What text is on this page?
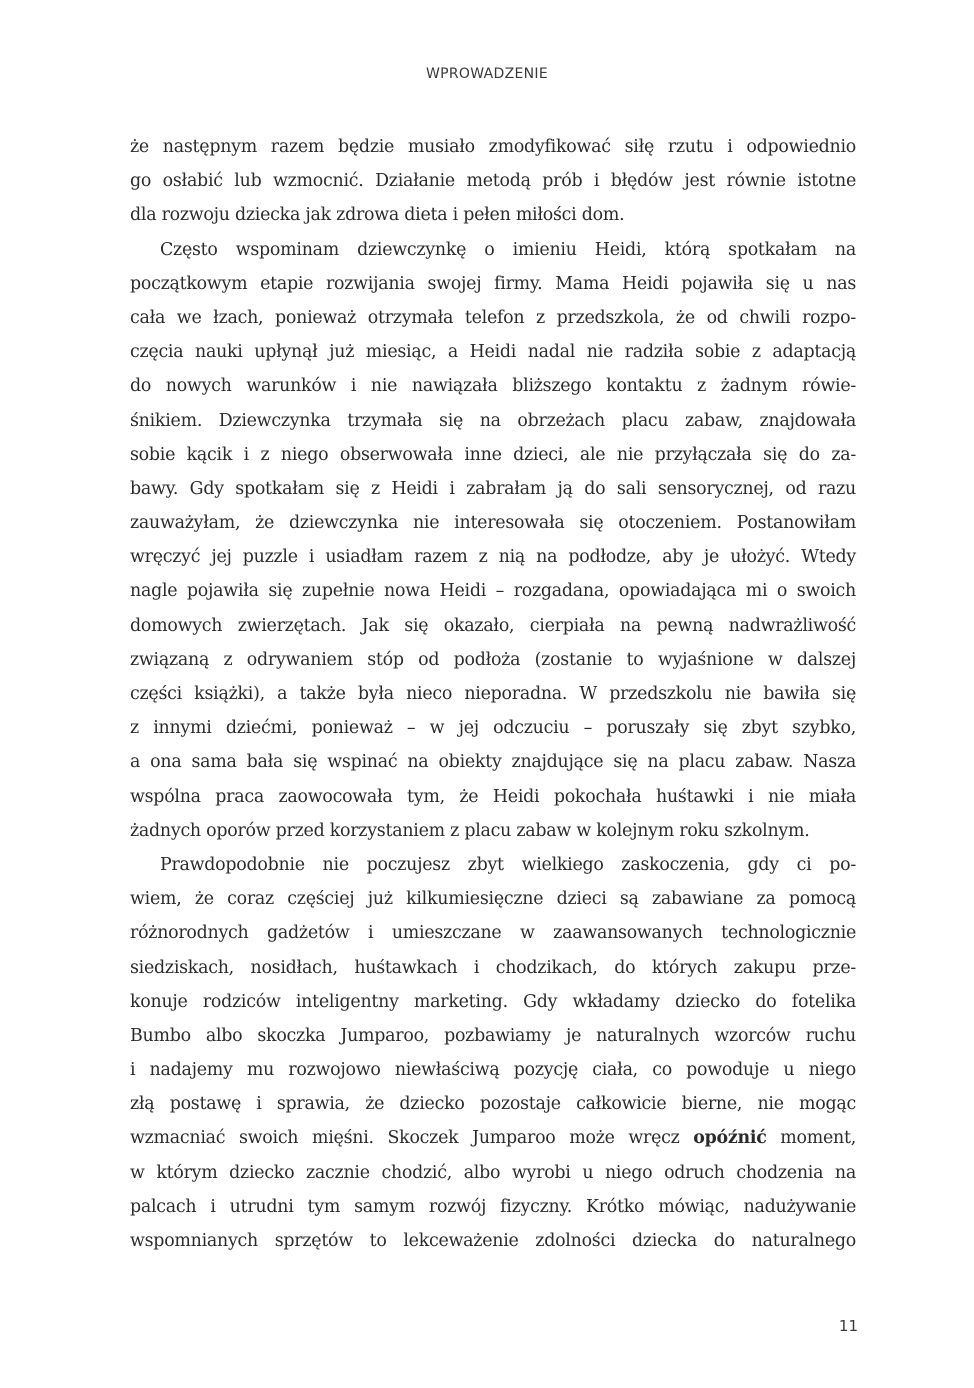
WPROWADZENIE
że następnym razem będzie musiało zmodyfikować siłę rzutu i odpowiednio
go osłabić lub wzmocnić. Działanie metodą prób i błędów jest równie istotne
dla rozwoju dziecka jak zdrowa dieta i pełen miłości dom.
Często wspominam dziewczynkę o imieniu Heidi, którą spotkałam na
początkowym etapie rozwijania swojej firmy. Mama Heidi pojawiła się u nas
cała we łzach, ponieważ otrzymała telefon z przedszkola, że od chwili rozpo-
częcia nauki upłynął już miesiąc, a Heidi nadal nie radziła sobie z adaptacją
do nowych warunków i nie nawiązała bliższego kontaktu z żadnym rówie-
śnikiem. Dziewczynka trzymała się na obrzeżach placu zabaw, znajdowała
sobie kącik i z niego obserwowała inne dzieci, ale nie przyłączała się do za-
bawy. Gdy spotkałam się z Heidi i zabrałam ją do sali sensorycznej, od razu
zauważyłam, że dziewczynka nie interesowała się otoczeniem. Postanowiłam
wręczyć jej puzzle i usiadłam razem z nią na podłodze, aby je ułożyć. Wtedy
nagle pojawiła się zupełnie nowa Heidi – rozgadana, opowiadająca mi o swoich
domowych zwierzętach. Jak się okazało, cierpiała na pewną nadwrażliwość
związaną z odrywaniem stóp od podłoża (zostanie to wyjaśnione w dalszej
części książki), a także była nieco nieporadna. W przedszkolu nie bawiła się
z innymi dziećmi, ponieważ – w jej odczuciu – poruszały się zbyt szybko,
a ona sama bała się wspinać na obiekty znajdujące się na placu zabaw. Nasza
wspólna praca zaowocowała tym, że Heidi pokochała huśtawki i nie miała
żadnych oporów przed korzystaniem z placu zabaw w kolejnym roku szkolnym.
Prawdopodobnie nie poczujesz zbyt wielkiego zaskoczenia, gdy ci po-
wiem, że coraz częściej już kilkumiesięczne dzieci są zabawiane za pomocą
różnorodnych gadżetów i umieszczane w zaawansowanych technologicznie
siedziskach, nosidłach, huśtawkach i chodzikach, do których zakupu prze-
konuje rodziców inteligentny marketing. Gdy wkładamy dziecko do fotelika
Bumbo albo skoczka Jumparoo, pozbawiamy je naturalnych wzorców ruchu
i nadajemy mu rozwojowo niewłaściwą pozycję ciała, co powoduje u niego
złą postawę i sprawia, że dziecko pozostaje całkowicie bierne, nie mogąc
wzmacniać swoich mięśni. Skoczek Jumparoo może wręcz opóźnić moment,
w którym dziecko zacznie chodzić, albo wyrobi u niego odruch chodzenia na
palcach i utrudni tym samym rozwój fizyczny. Krótko mówiąc, nadużywanie
wspomnianych sprzętów to lekceważenie zdolności dziecka do naturalnego
11
